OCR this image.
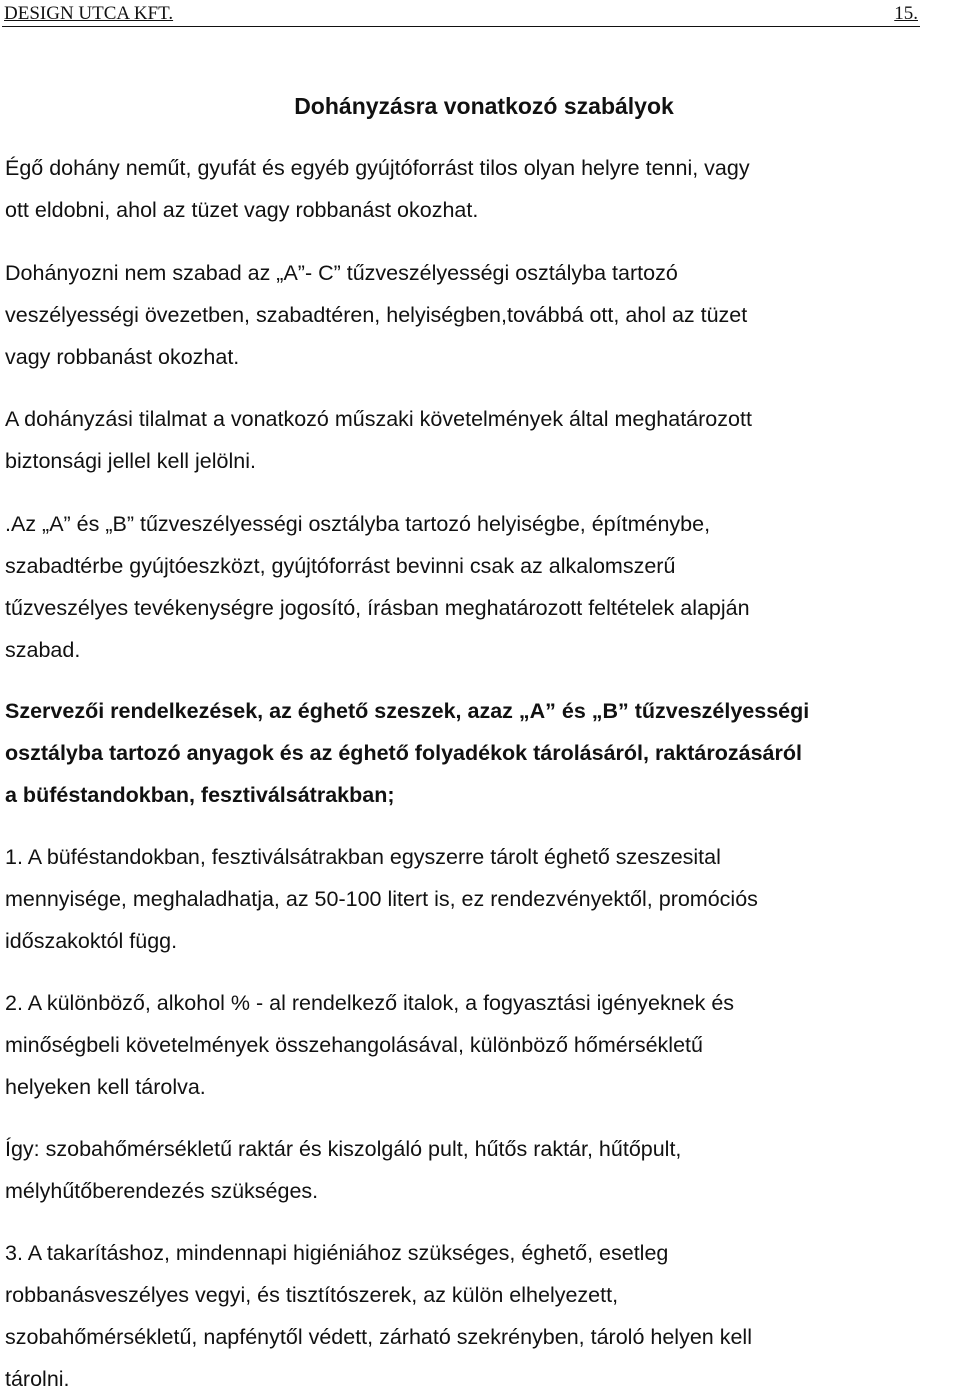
DESIGN UTCA KFT.	15.
Dohányzásra vonatkozó szabályok
Égő dohány neműt, gyufát és egyéb gyújtóforrást tilos olyan helyre tenni, vagy
ott eldobni, ahol az tüzet vagy robbanást okozhat.
Dohányozni nem szabad az „A”- C” tűzveszélyességi osztályba tartozó
veszélyességi övezetben, szabadtéren, helyiségben,továbbá ott, ahol az tüzet
vagy robbanást okozhat.
A dohányzási tilalmat a vonatkozó műszaki követelmények által meghatározott
biztonsági jellel kell jelölni.
.Az „A” és „B” tűzveszélyességi osztályba tartozó helyiségbe, építménybe,
szabadtérbe gyújtóeszközt, gyújtóforrást bevinni csak az alkalomszerű
tűzveszélyes tevékenységre jogosító, írásban meghatározott feltételek alapján
szabad.
Szervezői rendelkezések, az éghető szeszek, azaz „A” és „B” tűzveszélyességi
osztályba tartozó anyagok és az éghető folyadékok tárolásáról, raktározásáról
a büféstandokban, fesztiválsátrakban;
1. A büféstandokban, fesztiválsátrakban egyszerre tárolt éghető szeszesital
mennyisége, meghaladhatja, az 50-100 litert is, ez rendezvényektől, promóciós
időszakoktól függ.
2. A különböző, alkohol % - al rendelkező italok, a fogyasztási igényeknek és
minőségbeli követelmények összehangolásával, különböző hőmérsékletű
helyeken kell tárolva.
Így: szobahőmérsékletű raktár és kiszolgáló pult, hűtős raktár, hűtőpult,
mélyhűtőberendezés szükséges.
3. A takarításhoz, mindennapi higiéniához szükséges, éghető, esetleg
robbanásveszélyes vegyi, és tisztítószerek, az külön elhelyezett,
szobahőmérsékletű, napfénytől védett, zárható szekrényben, tároló helyen kell
tárolni.
